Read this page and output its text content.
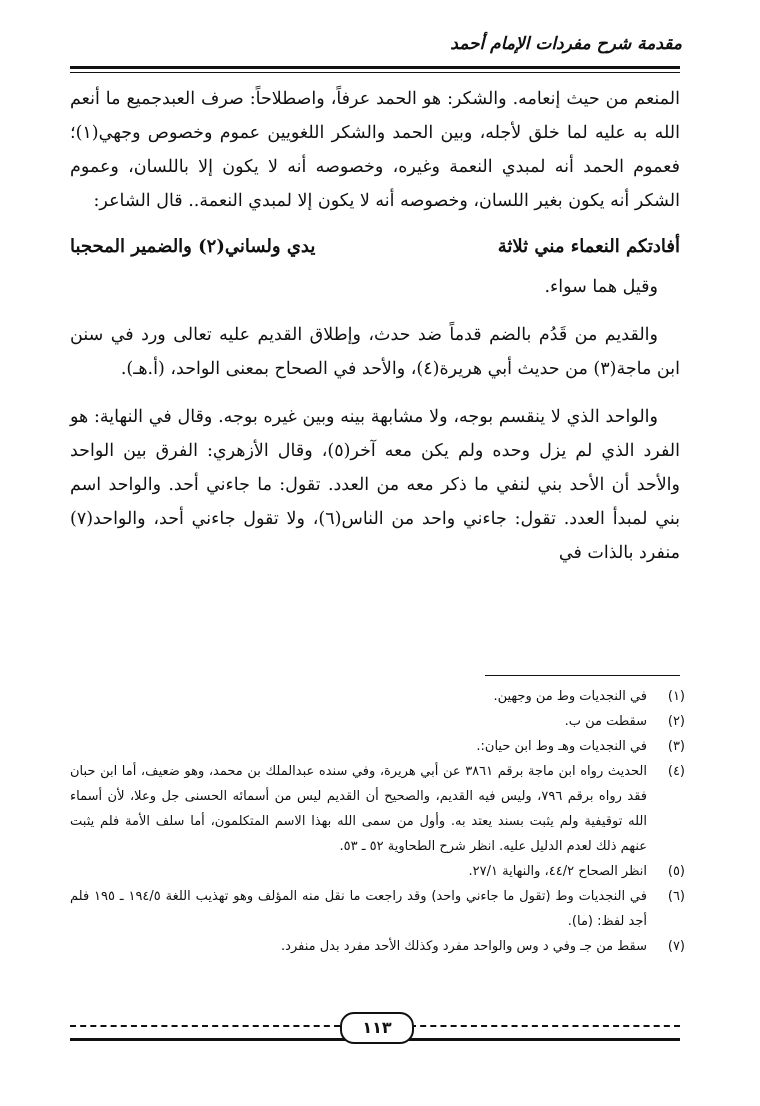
مقدمة شرح مفردات الإمام أحمد

المنعم من حيث إنعامه. والشكر: هو الحمد عرفاً، واصطلاحاً: صرف العبدجميع ما أنعم الله به عليه لما خلق لأجله، وبين الحمد والشكر اللغويين عموم وخصوص وجهي(١)؛ فعموم الحمد أنه لمبدي النعمة وغيره، وخصوصه أنه لا يكون إلا باللسان، وعموم الشكر أنه يكون بغير اللسان، وخصوصه أنه لا يكون إلا لمبدي النعمة.. قال الشاعر:

أفادتكم النعماء مني ثلاثة
يدي ولساني(٢) والضمير المحجبا

وقيل هما سواء.

والقديم من قَدُم بالضم قدماً ضد حدث، وإطلاق القديم عليه تعالى ورد في سنن ابن ماجة(٣) من حديث أبي هريرة(٤)، والأحد في الصحاح بمعنى الواحد، (أ.هـ).

والواحد الذي لا ينقسم بوجه، ولا مشابهة بينه وبين غيره بوجه. وقال في النهاية: هو الفرد الذي لم يزل وحده ولم يكن معه آخر(٥)، وقال الأزهري: الفرق بين الواحد والأحد أن الأحد بني لنفي ما ذكر معه من العدد. تقول: ما جاءني أحد. والواحد اسم بني لمبدأ العدد. تقول: جاءني واحد من الناس(٦)، ولا تقول جاءني أحد، والواحد(٧) منفرد بالذات في

(١)
في النجديات وط من وجهين.
(٢)
سقطت من ب.
(٣)
في النجديات وهـ وط ابن حيان:.
(٤)
الحديث رواه ابن ماجة برقم ٣٨٦١ عن أبي هريرة، وفي سنده عبدالملك بن محمد، وهو ضعيف، أما ابن حبان فقد رواه برقم ٧٩٦، وليس فيه القديم، والصحيح أن القديم ليس من أسمائه الحسنى جل وعلا، لأن أسماء الله توقيفية ولم يثبت بسند يعتد به. وأول من سمى الله بهذا الاسم المتكلمون، أما سلف الأمة فلم يثبت عنهم ذلك لعدم الدليل عليه. انظر شرح الطحاوية ٥٢ ـ ٥٣.
(٥)
انظر الصحاح ٤٤/٢، والنهاية ٢٧/١.
(٦)
في النجديات وط (تقول ما جاءني واحد) وقد راجعت ما نقل منه المؤلف وهو تهذيب اللغة ١٩٤/٥ ـ ١٩٥ فلم أجد لفظ: (ما).
(٧)
سقط من جـ وفي د وس والواحد مفرد وكذلك الأحد مفرد بدل منفرد.
١١٣
